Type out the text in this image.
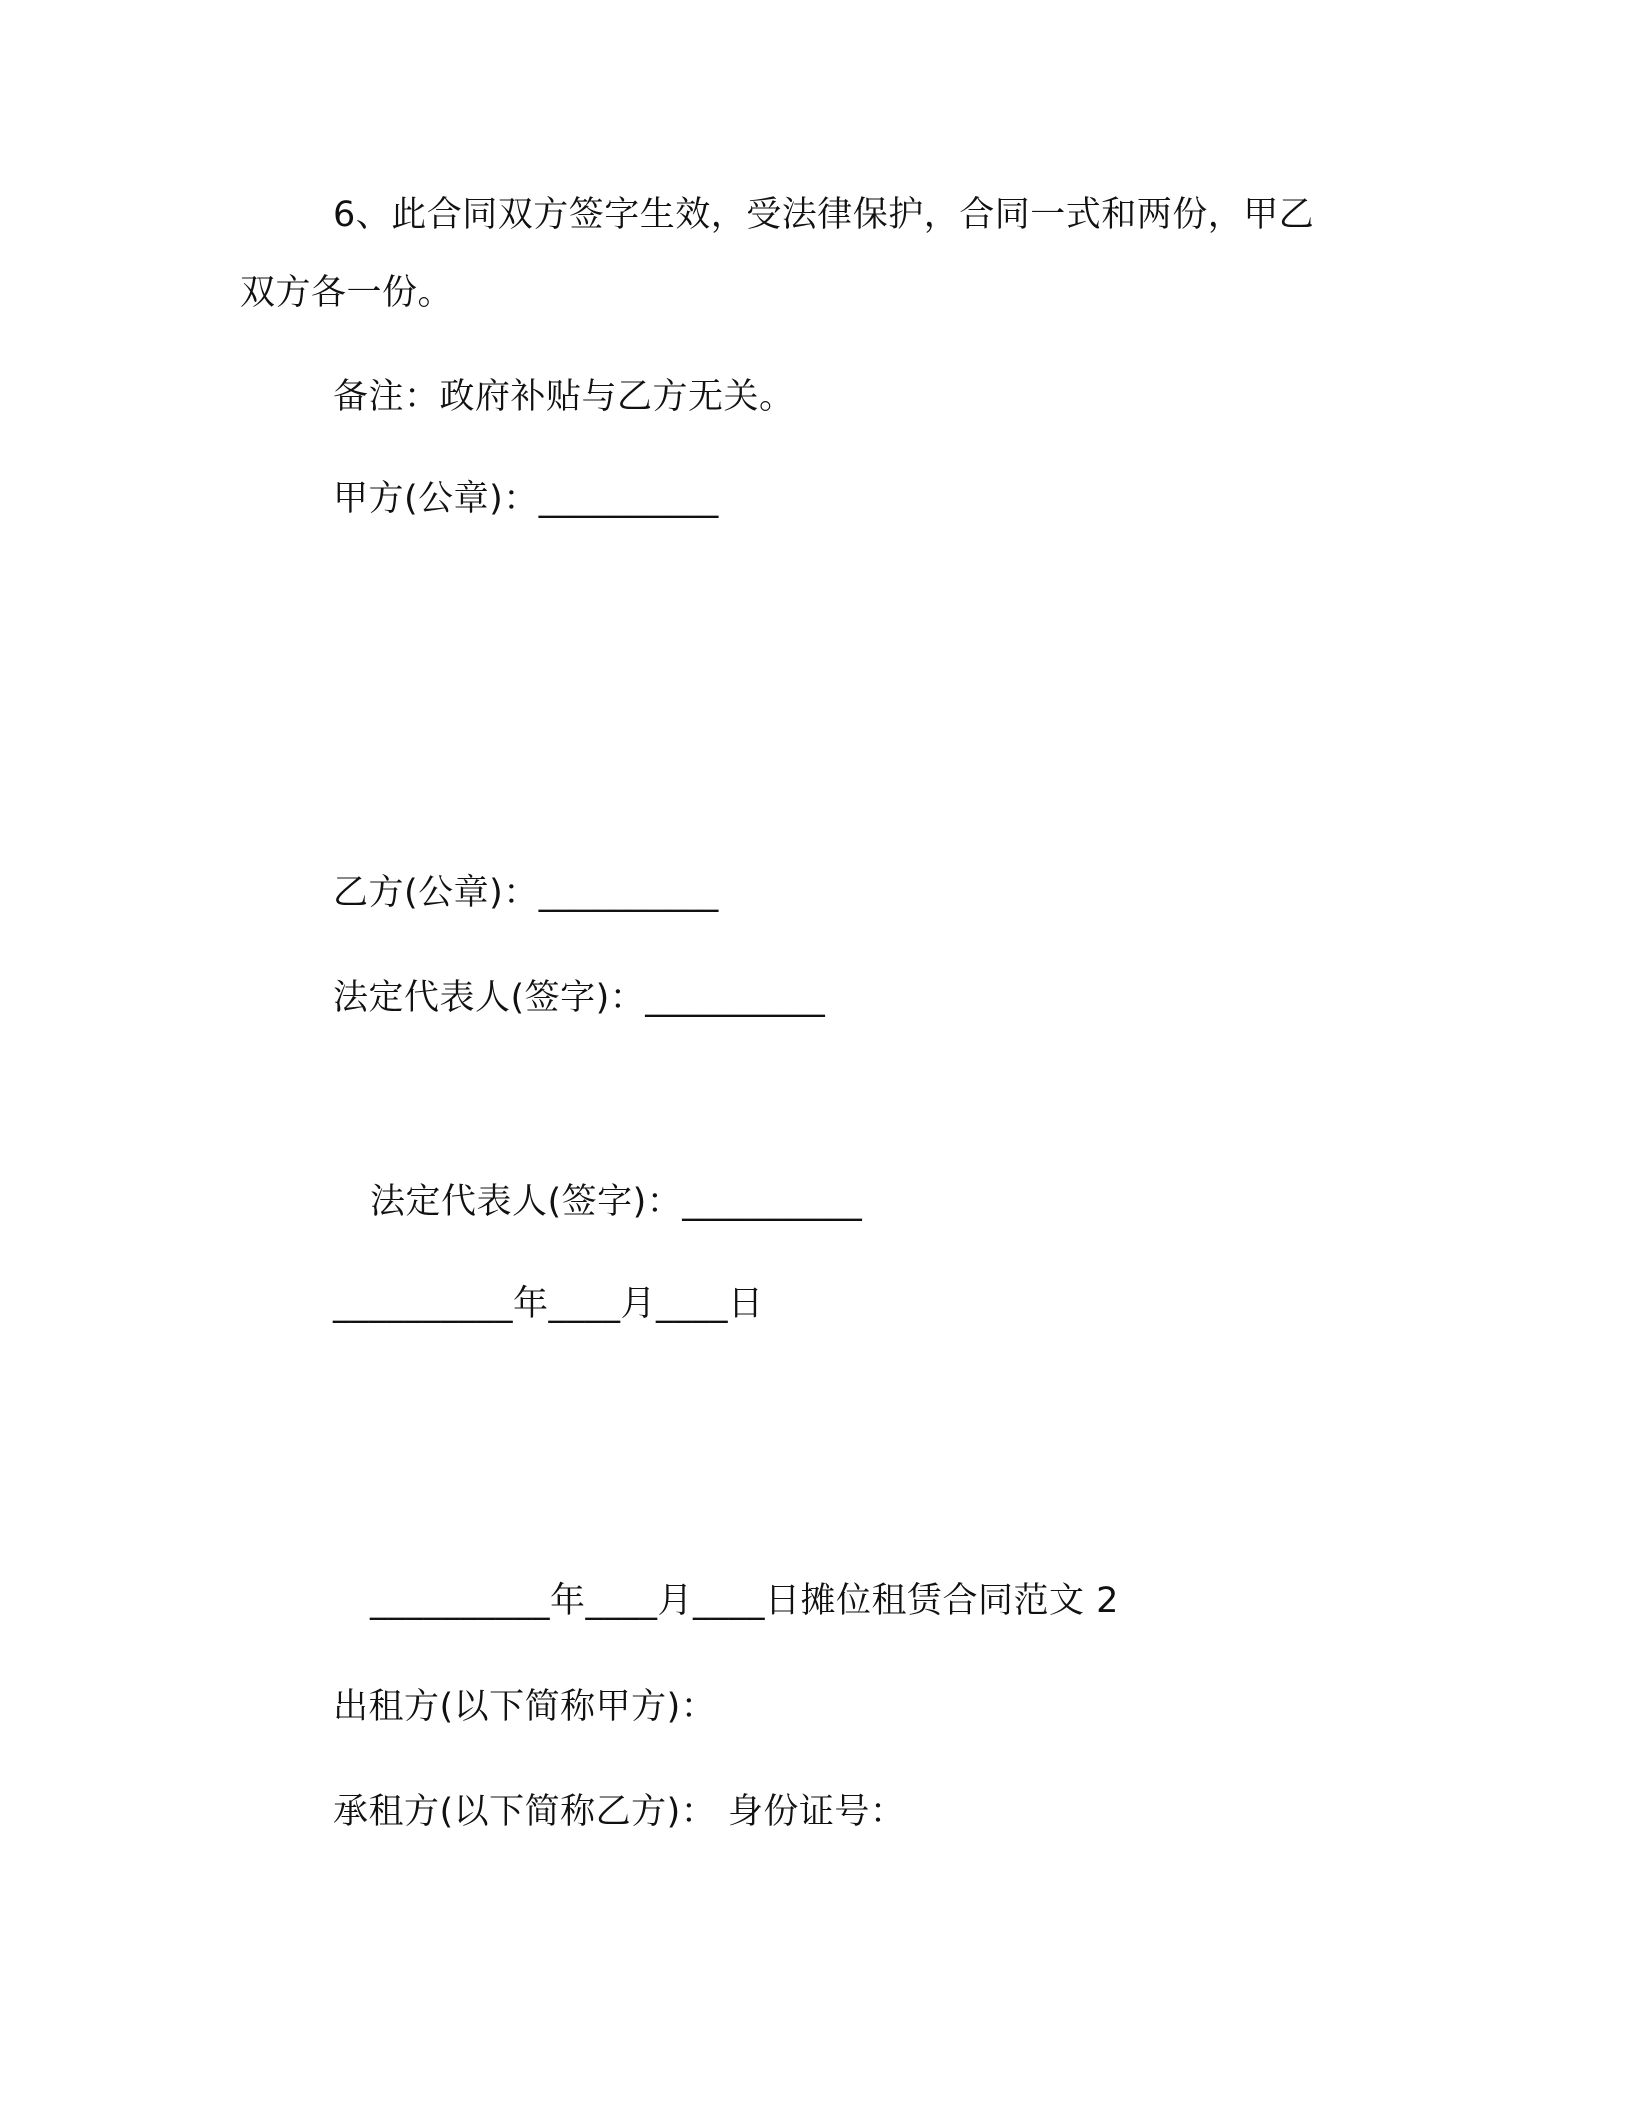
6、此合同双方签字生效，受法律保护，合同一式和两份，甲乙
双方各一份。
备注：政府补贴与乙方无关。
甲方(公章)：__________
乙方(公章)：__________
法定代表人(签字)：__________
法定代表人(签字)：__________
__________年____月____日
__________年____月____日摊位租赁合同范文 2
出租方(以下简称甲方)：
承租方(以下简称乙方)： 身份证号：
